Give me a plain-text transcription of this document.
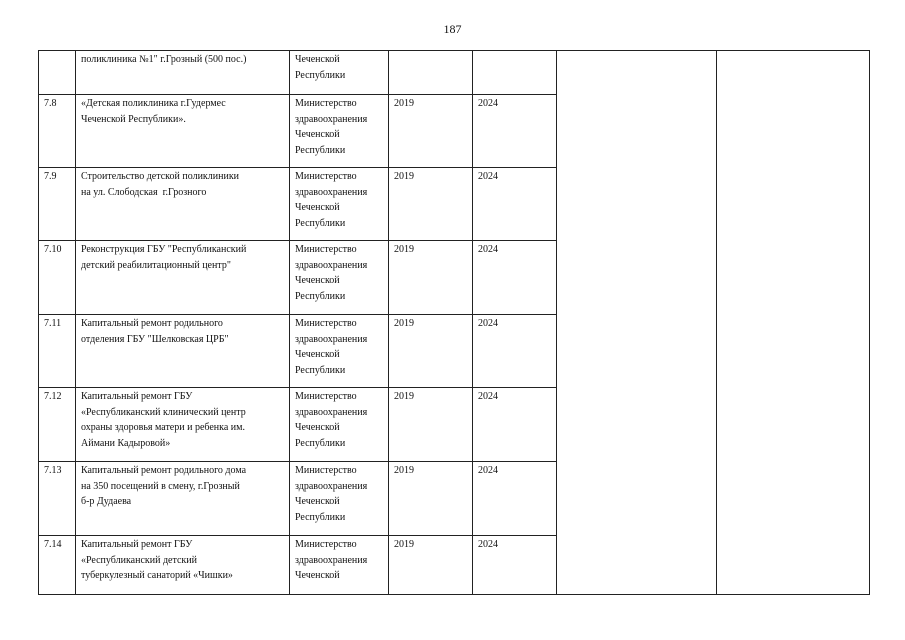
187
	поликлиника №1" г.Грозный (500 пос.)	Чеченской
Республики				
7.8	«Детская поликлиника г.Гудермес
Чеченской Республики».	Министерство
здравоохранения
Чеченской
Республики	2019	2024		
7.9	Строительство детской поликлиники
на ул. Слободская  г.Грозного	Министерство
здравоохранения
Чеченской
Республики	2019	2024		
7.10	Реконструкция ГБУ "Республиканский
детский реабилитационный центр"	Министерство
здравоохранения
Чеченской
Республики	2019	2024		
7.11	Капитальный ремонт родильного
отделения ГБУ "Шелковская ЦРБ"	Министерство
здравоохранения
Чеченской
Республики	2019	2024		
7.12	Капитальный ремонт ГБУ
«Республиканский клинический центр
охраны здоровья матери и ребенка им.
Аймани Кадыровой»	Министерство
здравоохранения
Чеченской
Республики	2019	2024		
7.13	Капитальный ремонт родильного дома
на 350 посещений в смену, г.Грозный
б-р Дудаева	Министерство
здравоохранения
Чеченской
Республики	2019	2024		
7.14	Капитальный ремонт ГБУ
«Республиканский детский
туберкулезный санаторий «Чишки»	Министерство
здравоохранения
Чеченской	2019	2024		
